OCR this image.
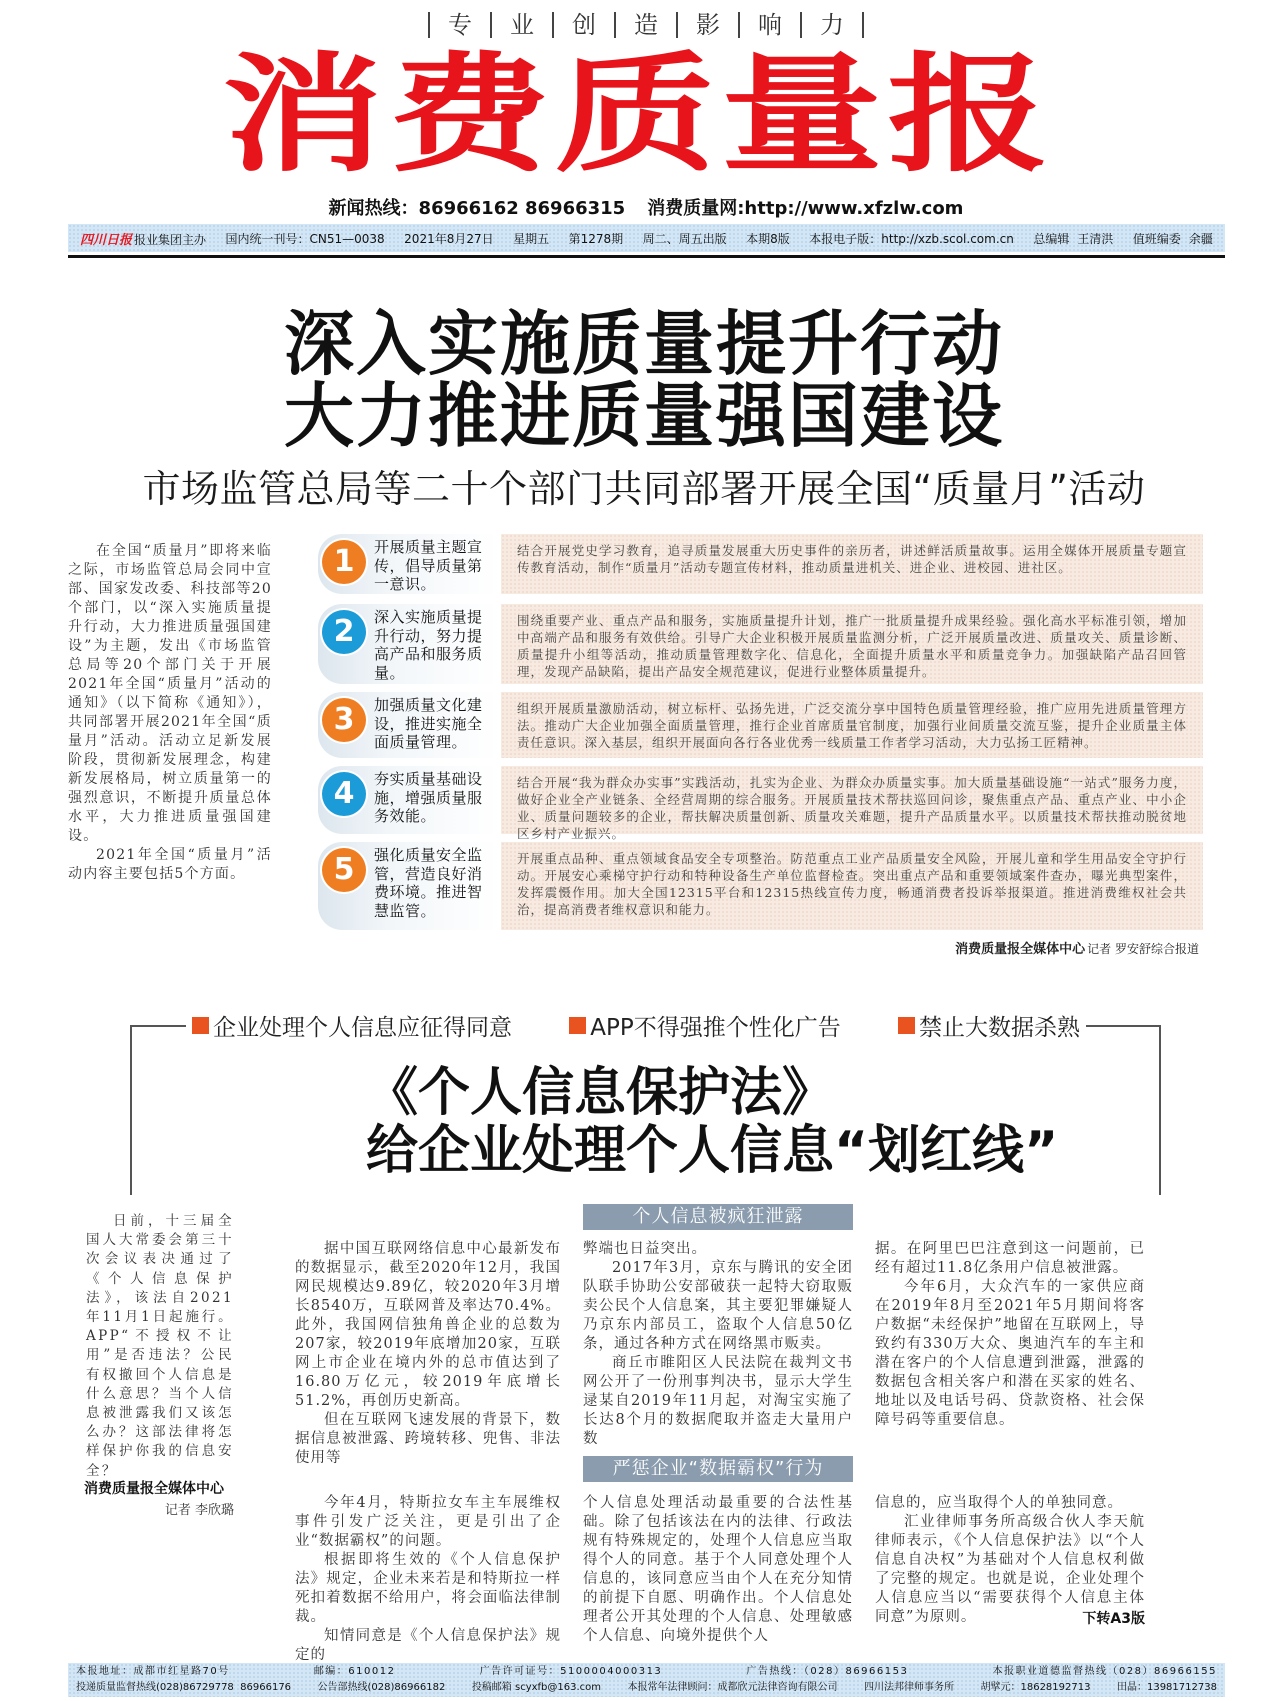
专	业	创	造	影	响	力
消费质量报
新闻热线：86966162 86966315 消费质量网:http://www.xfzlw.com
四川日报 报业集团主办 国内统一刊号：CN51—0038 2021年8月27日 星期五 第1278期 周二、周五出版 本期8版 本报电子版：http://xzb.scol.com.cn 总编辑 王清洪 值班编委 余疆
深入实施质量提升行动
大力推进质量强国建设
市场监管总局等二十个部门共同部署开展全国“质量月”活动

在全国“质量月”即将来临之际，市场监管总局会同中宣部、国家发改委、科技部等20个部门，以“深入实施质量提升行动，大力推进质量强国建设”为主题，发出《市场监管总局等20个部门关于开展2021年全国“质量月”活动的通知》（以下简称《通知》），共同部署开展2021年全国“质量月”活动。活动立足新发展阶段，贯彻新发展理念，构建新发展格局，树立质量第一的强烈意识，不断提升质量总体水平，大力推进质量强国建设。

2021年全国“质量月”活动内容主要包括5个方面。

1	开展质量主题宣传，倡导质量第一意识。
结合开展党史学习教育，追寻质量发展重大历史事件的亲历者，讲述鲜活质量故事。运用全媒体开展质量专题宣传教育活动，制作“质量月”活动专题宣传材料，推动质量进机关、进企业、进校园、进社区。
2	深入实施质量提升行动，努力提高产品和服务质量。
围绕重要产业、重点产品和服务，实施质量提升计划，推广一批质量提升成果经验。强化高水平标准引领，增加中高端产品和服务有效供给。引导广大企业积极开展质量监测分析，广泛开展质量改进、质量攻关、质量诊断、质量提升小组等活动，推动质量管理数字化、信息化，全面提升质量水平和质量竞争力。加强缺陷产品召回管理，发现产品缺陷，提出产品安全规范建议，促进行业整体质量提升。
3	加强质量文化建设，推进实施全面质量管理。
组织开展质量激励活动，树立标杆、弘扬先进，广泛交流分享中国特色质量管理经验，推广应用先进质量管理方法。推动广大企业加强全面质量管理，推行企业首席质量官制度，加强行业间质量交流互鉴，提升企业质量主体责任意识。深入基层，组织开展面向各行各业优秀一线质量工作者学习活动，大力弘扬工匠精神。
4	夯实质量基础设施，增强质量服务效能。
结合开展“我为群众办实事”实践活动，扎实为企业、为群众办质量实事。加大质量基础设施“一站式”服务力度，做好企业全产业链条、全经营周期的综合服务。开展质量技术帮扶巡回问诊，聚焦重点产品、重点产业、中小企业、质量问题较多的企业，帮扶解决质量创新、质量攻关难题，提升产品质量水平。以质量技术帮扶推动脱贫地区乡村产业振兴。
5	强化质量安全监管，营造良好消费环境。推进智慧监管。
开展重点品种、重点领域食品安全专项整治。防范重点工业产品质量安全风险，开展儿童和学生用品安全守护行动。开展安心乘梯守护行动和特种设备生产单位监督检查。突出重点产品和重要领域案件查办，曝光典型案件，发挥震慑作用。加大全国12315平台和12315热线宣传力度，畅通消费者投诉举报渠道。推进消费维权社会共治，提高消费者维权意识和能力。
消费质量报全媒体中心 记者 罗安舒综合报道
企业处理个人信息应征得同意	APP不得强推个性化广告	禁止大数据杀熟
《个人信息保护法》
给企业处理个人信息“划红线”
日前，十三届全国人大常委会第三十次会议表决通过了《个人信息保护法》，该法自2021年11月1日起施行。APP“不授权不让用”是否违法？公民有权撤回个人信息是什么意思？当个人信息被泄露我们又该怎么办？这部法律将怎样保护你我的信息安全？
消费质量报全媒体中心
记者 李欣璐
个人信息被疯狂泄露

据中国互联网络信息中心最新发布的数据显示，截至2020年12月，我国网民规模达9.89亿，较2020年3月增长8540万，互联网普及率达70.4%。此外，我国网信独角兽企业的总数为207家，较2019年底增加20家，互联网上市企业在境内外的总市值达到了16.80万亿元，较2019年底增长51.2%，再创历史新高。

但在互联网飞速发展的背景下，数据信息被泄露、跨境转移、兜售、非法使用等

弊端也日益突出。

2017年3月，京东与腾讯的安全团队联手协助公安部破获一起特大窃取贩卖公民个人信息案，其主要犯罪嫌疑人乃京东内部员工，盗取个人信息50亿条，通过各种方式在网络黑市贩卖。

商丘市睢阳区人民法院在裁判文书网公开了一份刑事判决书，显示大学生逯某自2019年11月起，对淘宝实施了长达8个月的数据爬取并盗走大量用户数

据。在阿里巴巴注意到这一问题前，已经有超过11.8亿条用户信息被泄露。

今年6月，大众汽车的一家供应商在2019年8月至2021年5月期间将客户数据“未经保护”地留在互联网上，导致约有330万大众、奥迪汽车的车主和潜在客户的个人信息遭到泄露，泄露的数据包含相关客户和潜在买家的姓名、地址以及电话号码、贷款资格、社会保障号码等重要信息。

严惩企业“数据霸权”行为

今年4月，特斯拉女车主车展维权事件引发广泛关注，更是引出了企业“数据霸权”的问题。

根据即将生效的《个人信息保护法》规定，企业未来若是和特斯拉一样死扣着数据不给用户，将会面临法律制裁。

知情同意是《个人信息保护法》规定的

个人信息处理活动最重要的合法性基础。除了包括该法在内的法律、行政法规有特殊规定的，处理个人信息应当取得个人的同意。基于个人同意处理个人信息的，该同意应当由个人在充分知情的前提下自愿、明确作出。个人信息处理者公开其处理的个人信息、处理敏感个人信息、向境外提供个人

信息的，应当取得个人的单独同意。

汇业律师事务所高级合伙人李天航律师表示，《个人信息保护法》以“个人信息自决权”为基础对个人信息权利做了完整的规定。也就是说，企业处理个人信息应当以“需要获得个人信息主体同意”为原则。	下转A3版
本报地址：成都市红星路70号	邮编：610012	广告许可证号：5100004000313	广告热线：（028）86966153	本报职业道德监督热线（028）86966155
投递质量监督热线(028)86729778  86966176	公告部热线(028)86966182	投稿邮箱 scyxfb@163.com	本报常年法律顾问：成都欣元法律咨询有限公司	四川法邦律师事务所	胡擘元：18628192713	田晶：13981712738
